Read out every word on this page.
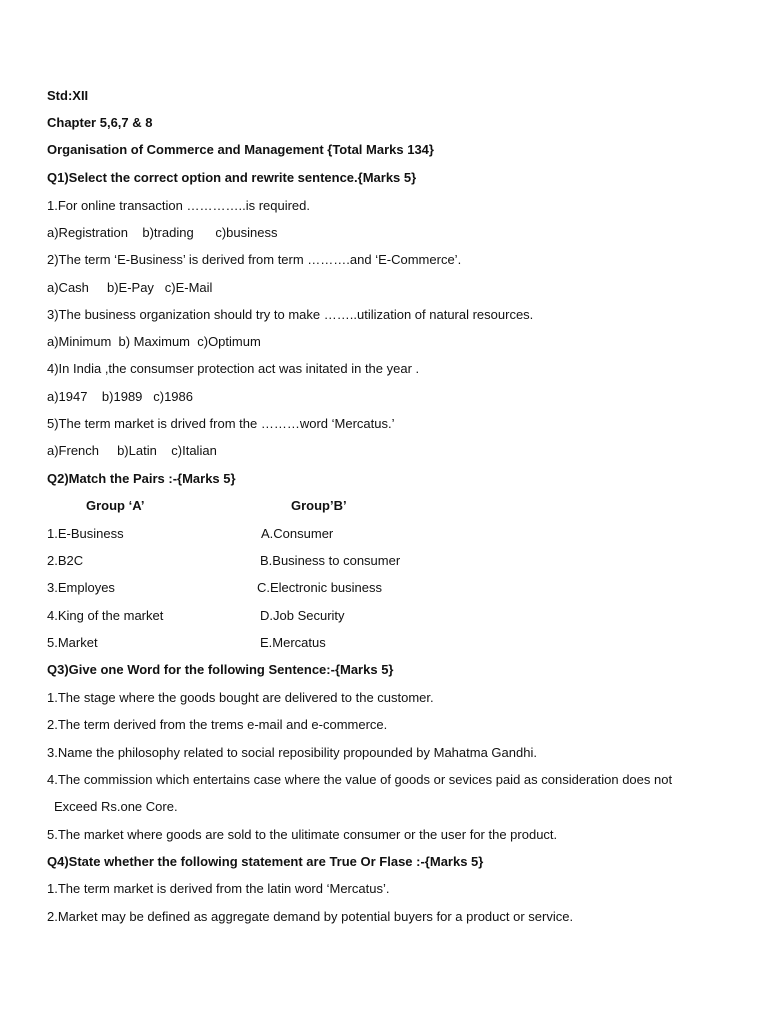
Std:XII
Chapter 5,6,7 & 8
Organisation of Commerce and Management {Total Marks 134}
Q1)Select the correct option and rewrite sentence.{Marks 5}
1.For online transaction …………..is required.
a)Registration    b)trading      c)business
2)The term ‘E-Business’ is derived from term ……….and ‘E-Commerce’.
a)Cash     b)E-Pay   c)E-Mail
3)The business organization should try to make ……..utilization of natural resources.
a)Minimum  b) Maximum  c)Optimum
4)In India ,the consumser protection act was initated in the year .
a)1947    b)1989   c)1986
5)The term market is drived from the ………word ‘Mercatus.’
a)French     b)Latin    c)Italian
Q2)Match the Pairs :-{Marks 5}
Group ‘A’	Group’B’
1.E-Business	A.Consumer
2.B2C	B.Business to consumer
3.Employes	C.Electronic business
4.King of the market	D.Job Security
5.Market	E.Mercatus
Q3)Give one Word for the following Sentence:-{Marks 5}
1.The stage where the goods bought are delivered to the customer.
2.The term derived from the trems e-mail and e-commerce.
3.Name the philosophy related to social reposibility propounded by Mahatma Gandhi.
4.The commission which entertains case where the value of goods or sevices paid as consideration does not
Exceed Rs.one Core.
5.The market where goods are sold to the ulitimate consumer or the user for the product.
Q4)State whether the following statement are True Or Flase :-{Marks 5}
1.The term market is derived from the latin word ‘Mercatus’.
2.Market may be defined as aggregate demand by potential buyers for a product or service.
